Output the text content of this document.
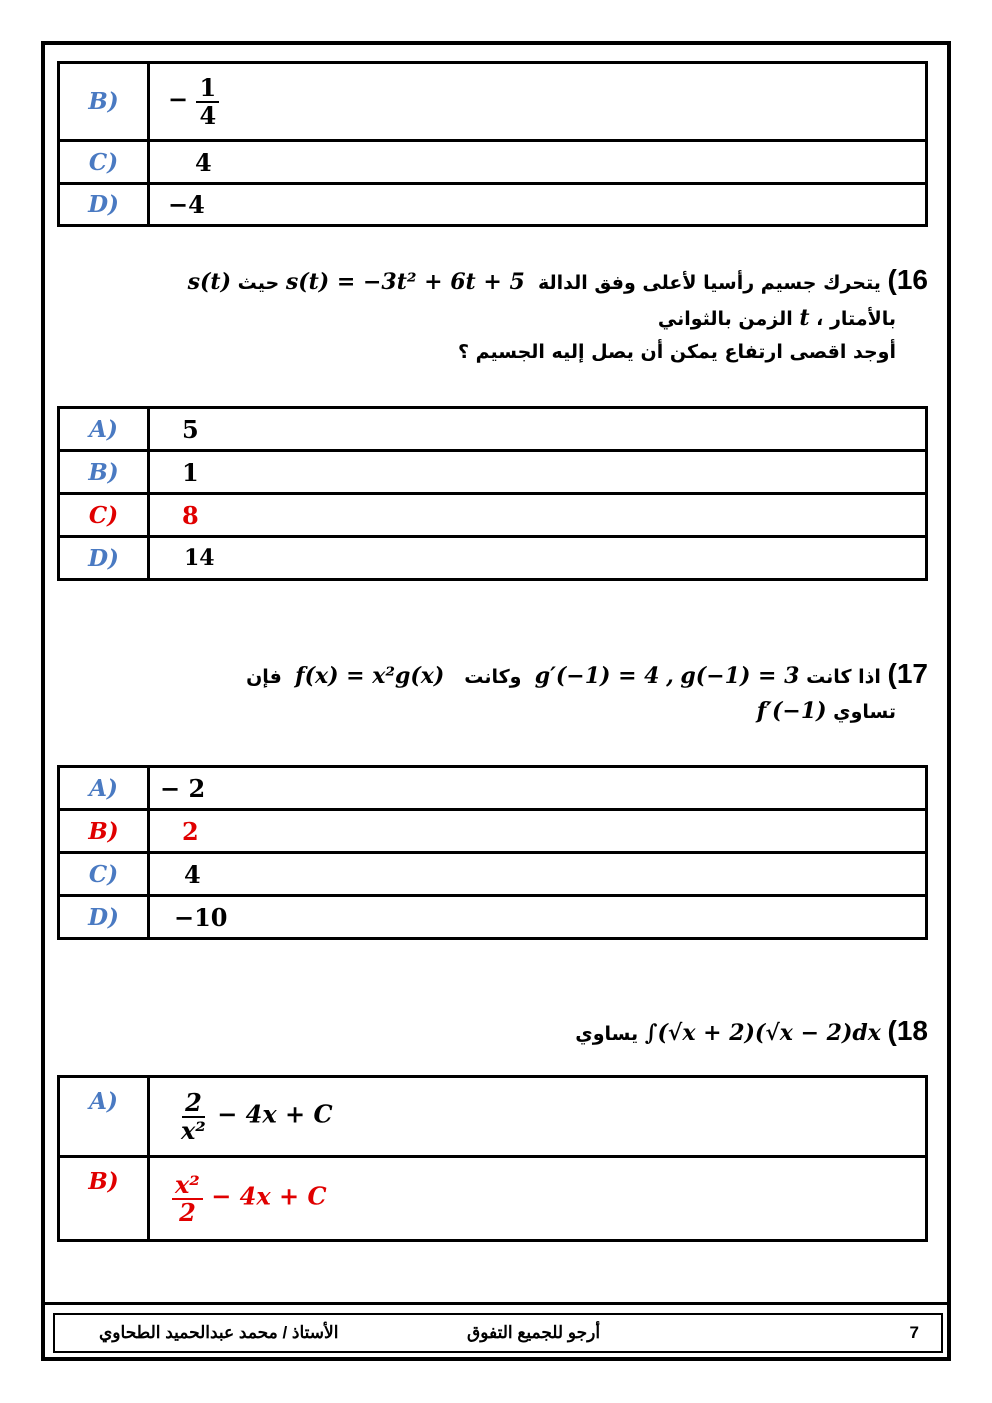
B)	− $\frac{1}{4}$

C)	4
D)	−4
16) يتحرك جسيم رأسيا لأعلى وفق الدالة  s(t) = −3t² + 6t + 5 حيث s(t)
بالأمتار ، t الزمن بالثواني
أوجد اقصى ارتفاع يمكن أن يصل إليه الجسيم ؟
A)	5
B)	1
C)	8
D)	14
17) اذا كانت g(−1) = 3 , g′(−1) = 4  وكانت   f(x) = x²g(x)  فإن
تساوي f′(−1)
A)	− 2
B)	2
C)	4
D)	−10
18) ∫(√x + 2)(√x − 2)dx يساوي
A)	$\frac{2}{\text{x²}} - 4x + C$
B)	$\frac{\text{x²}}{2} - 4x + C$
7
أرجو للجميع التفوق
الأستاذ / محمد عبدالحميد الطحاوي
